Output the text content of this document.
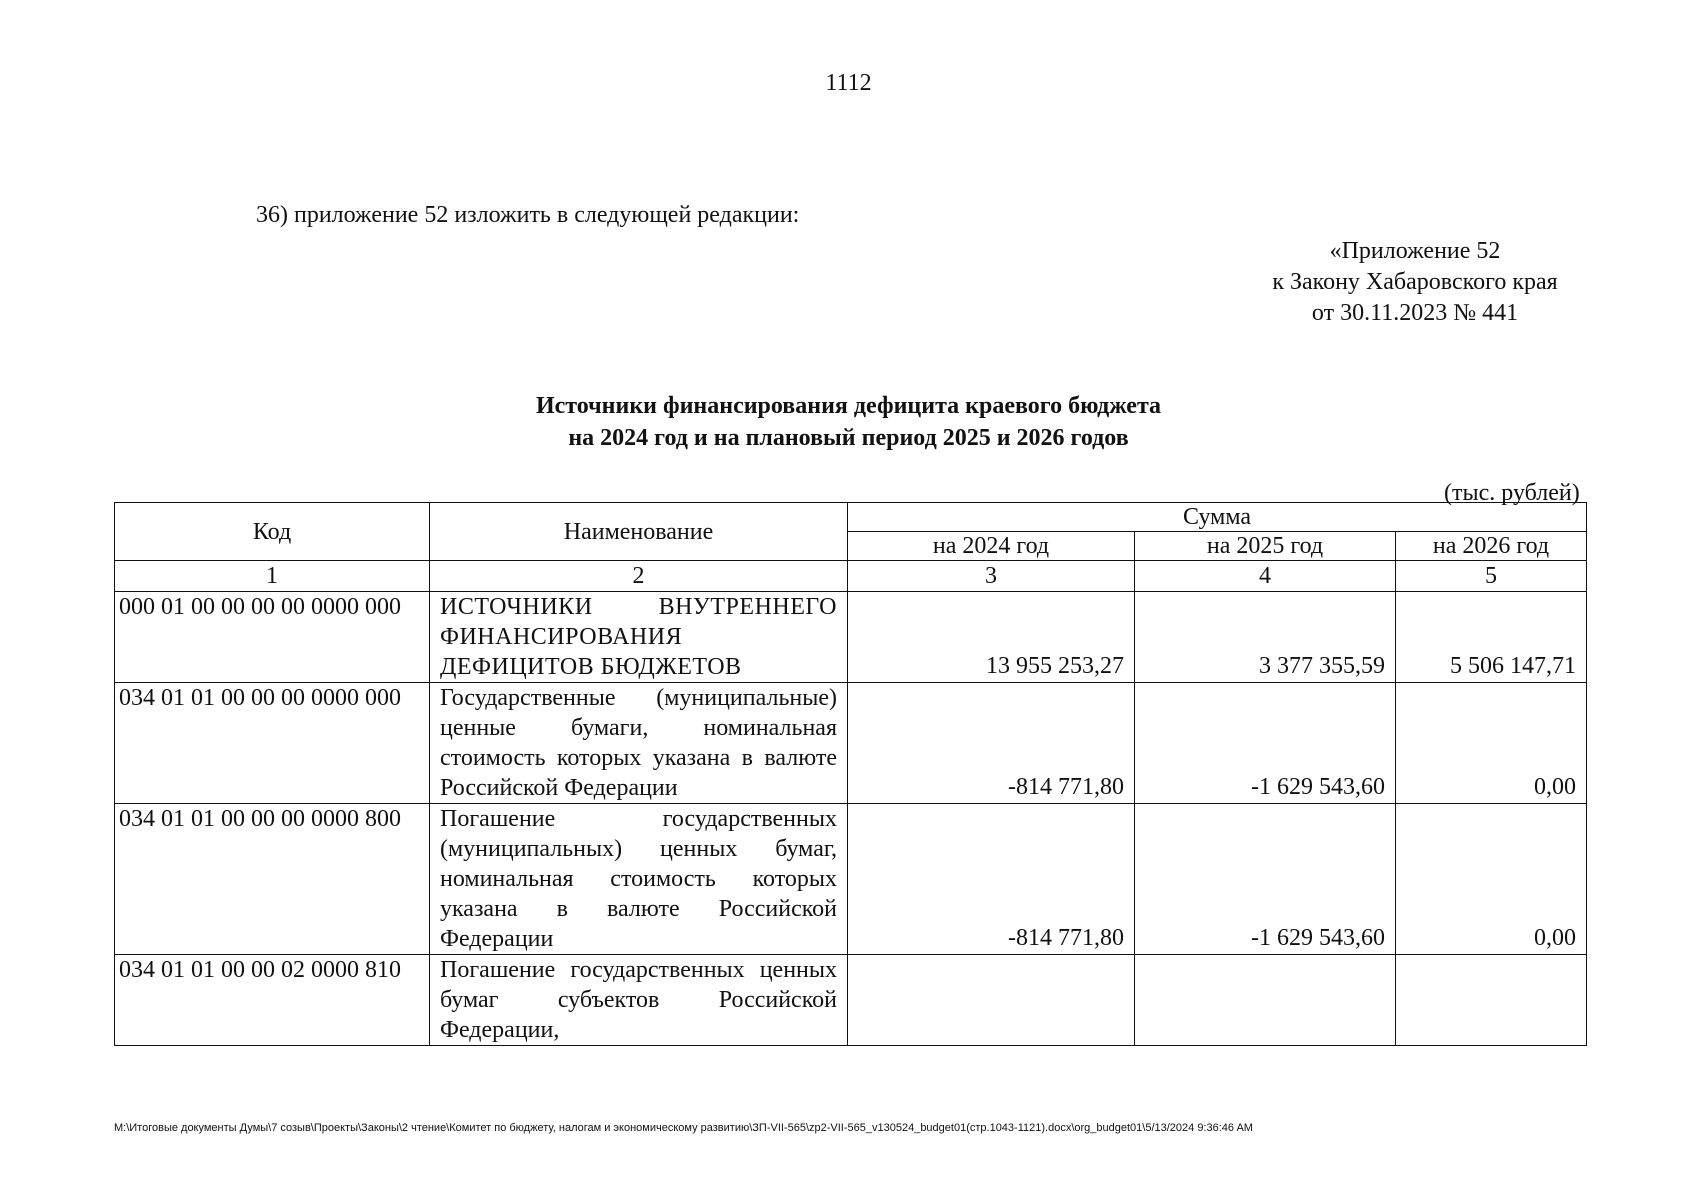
1112
36) приложение 52 изложить в следующей редакции:
«Приложение 52
к Закону Хабаровского края
от 30.11.2023 № 441
Источники финансирования дефицита краевого бюджета
на 2024 год и на плановый период 2025 и 2026 годов
(тыс. рублей)
Код	Наименование	Сумма		
		на 2024 год	на 2025 год	на 2026 год
1	2	3	4	5
000 01 00 00 00 00 0000 000	ИСТОЧНИКИ ВНУТРЕННЕГО ФИНАНСИРОВАНИЯ ДЕФИЦИТОВ БЮДЖЕТОВ	13 955 253,27	3 377 355,59	5 506 147,71
034 01 01 00 00 00 0000 000	Государственные (муниципальные) ценные бумаги, номинальная стоимость которых указана в валюте Российской Федерации	-814 771,80	-1 629 543,60	0,00
034 01 01 00 00 00 0000 800	Погашение государственных (муниципальных) ценных бумаг, номинальная стоимость которых указана в валюте Российской Федерации	-814 771,80	-1 629 543,60	0,00
034 01 01 00 00 02 0000 810	Погашение государственных ценных бумаг субъектов Российской Федерации,			
M:\Итоговые документы Думы\7 созыв\Проекты\Законы\2 чтение\Комитет по бюджету, налогам и экономическому развитию\ЗП-VII-565\zp2-VII-565_v130524_budget01(стр.1043-1121).docx\org_budget01\5/13/2024 9:36:46 AM
